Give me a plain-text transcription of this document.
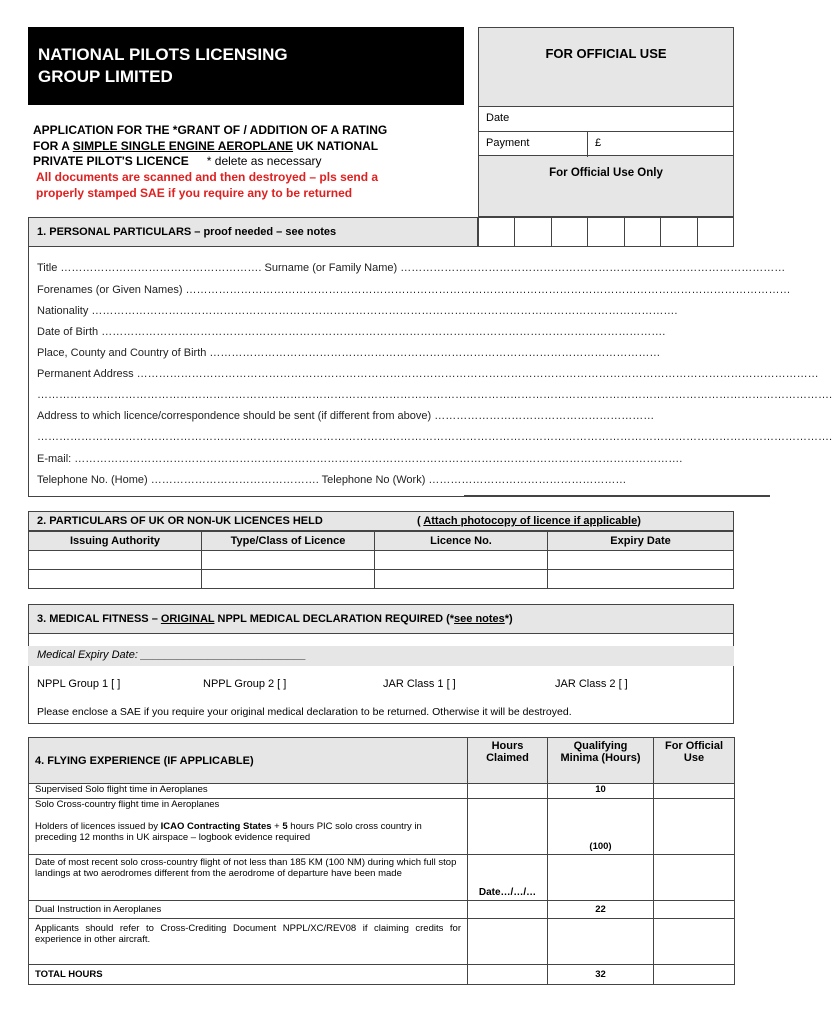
NATIONAL PILOTS LICENSING
GROUP LIMITED
FOR OFFICIAL USE
Date
Payment	£
For Official Use Only
APPLICATION FOR THE *GRANT OF / ADDITION OF A RATING
FOR A SIMPLE SINGLE ENGINE AEROPLANE UK NATIONAL
PRIVATE PILOT'S LICENCE * delete as necessary
All documents are scanned and then destroyed – pls send a
properly stamped SAE if you require any to be returned
1. PERSONAL PARTICULARS – proof needed – see notes
Title ………………………………………………. Surname (or Family Name) ……………………………………………………………………………………………
Forenames (or Given Names) …………………………………………………………………………………………………………………………………………………
Nationality …………………………………………………………………………………………………………………………………………….
Date of Birth ……………………………………………………………………………………………………………………………………….
Place, County and Country of Birth ……………………………………………………………………………………………………………
Permanent Address ……………………………………………………………………………………………………………………………………………………………………
……………………………………………………………………………………………………………………………………………………………………………………………….
Address to which licence/correspondence should be sent (if different from above) ……………………………………………………
……………………………………………………………………………………………………………………………………………………………………………………………….
E-mail: ………………………………………………………………………………………………………………………………………………….
Telephone No. (Home) ………………………………………. Telephone No (Work) ………………………………………………
2. PARTICULARS OF UK OR NON-UK LICENCES HELD	( Attach photocopy of licence if applicable)
Issuing Authority	Type/Class of Licence	Licence No.	Expiry Date

3. MEDICAL FITNESS – ORIGINAL NPPL MEDICAL DECLARATION REQUIRED (*see notes*)
Medical Expiry Date: ___________________________
NPPL Group 1 [ ]	NPPL Group 2 [ ]	JAR Class 1 [ ]	JAR Class 2 [ ]
Please enclose a SAE if you require your original medical declaration to be returned. Otherwise it will be destroyed.
4. FLYING EXPERIENCE (IF APPLICABLE)	Hours Claimed	Qualifying Minima (Hours)	For Official Use
Supervised Solo flight time in Aeroplanes		10	

Solo Cross-country flight time in Aeroplanes
Holders of licences issued by ICAO Contracting States + 5 hours PIC solo cross country in preceding 12 months in UK airspace – logbook evidence required		(100)	
Date of most recent solo cross-country flight of not less than 185 KM (100 NM) during which full stop landings at two aerodromes different from the aerodrome of departure have been made	Date…/…/…		
Dual Instruction in Aeroplanes		22	
Applicants should refer to Cross-Crediting Document NPPL/XC/REV08 if claiming credits for experience in other aircraft.			
TOTAL HOURS		32	
